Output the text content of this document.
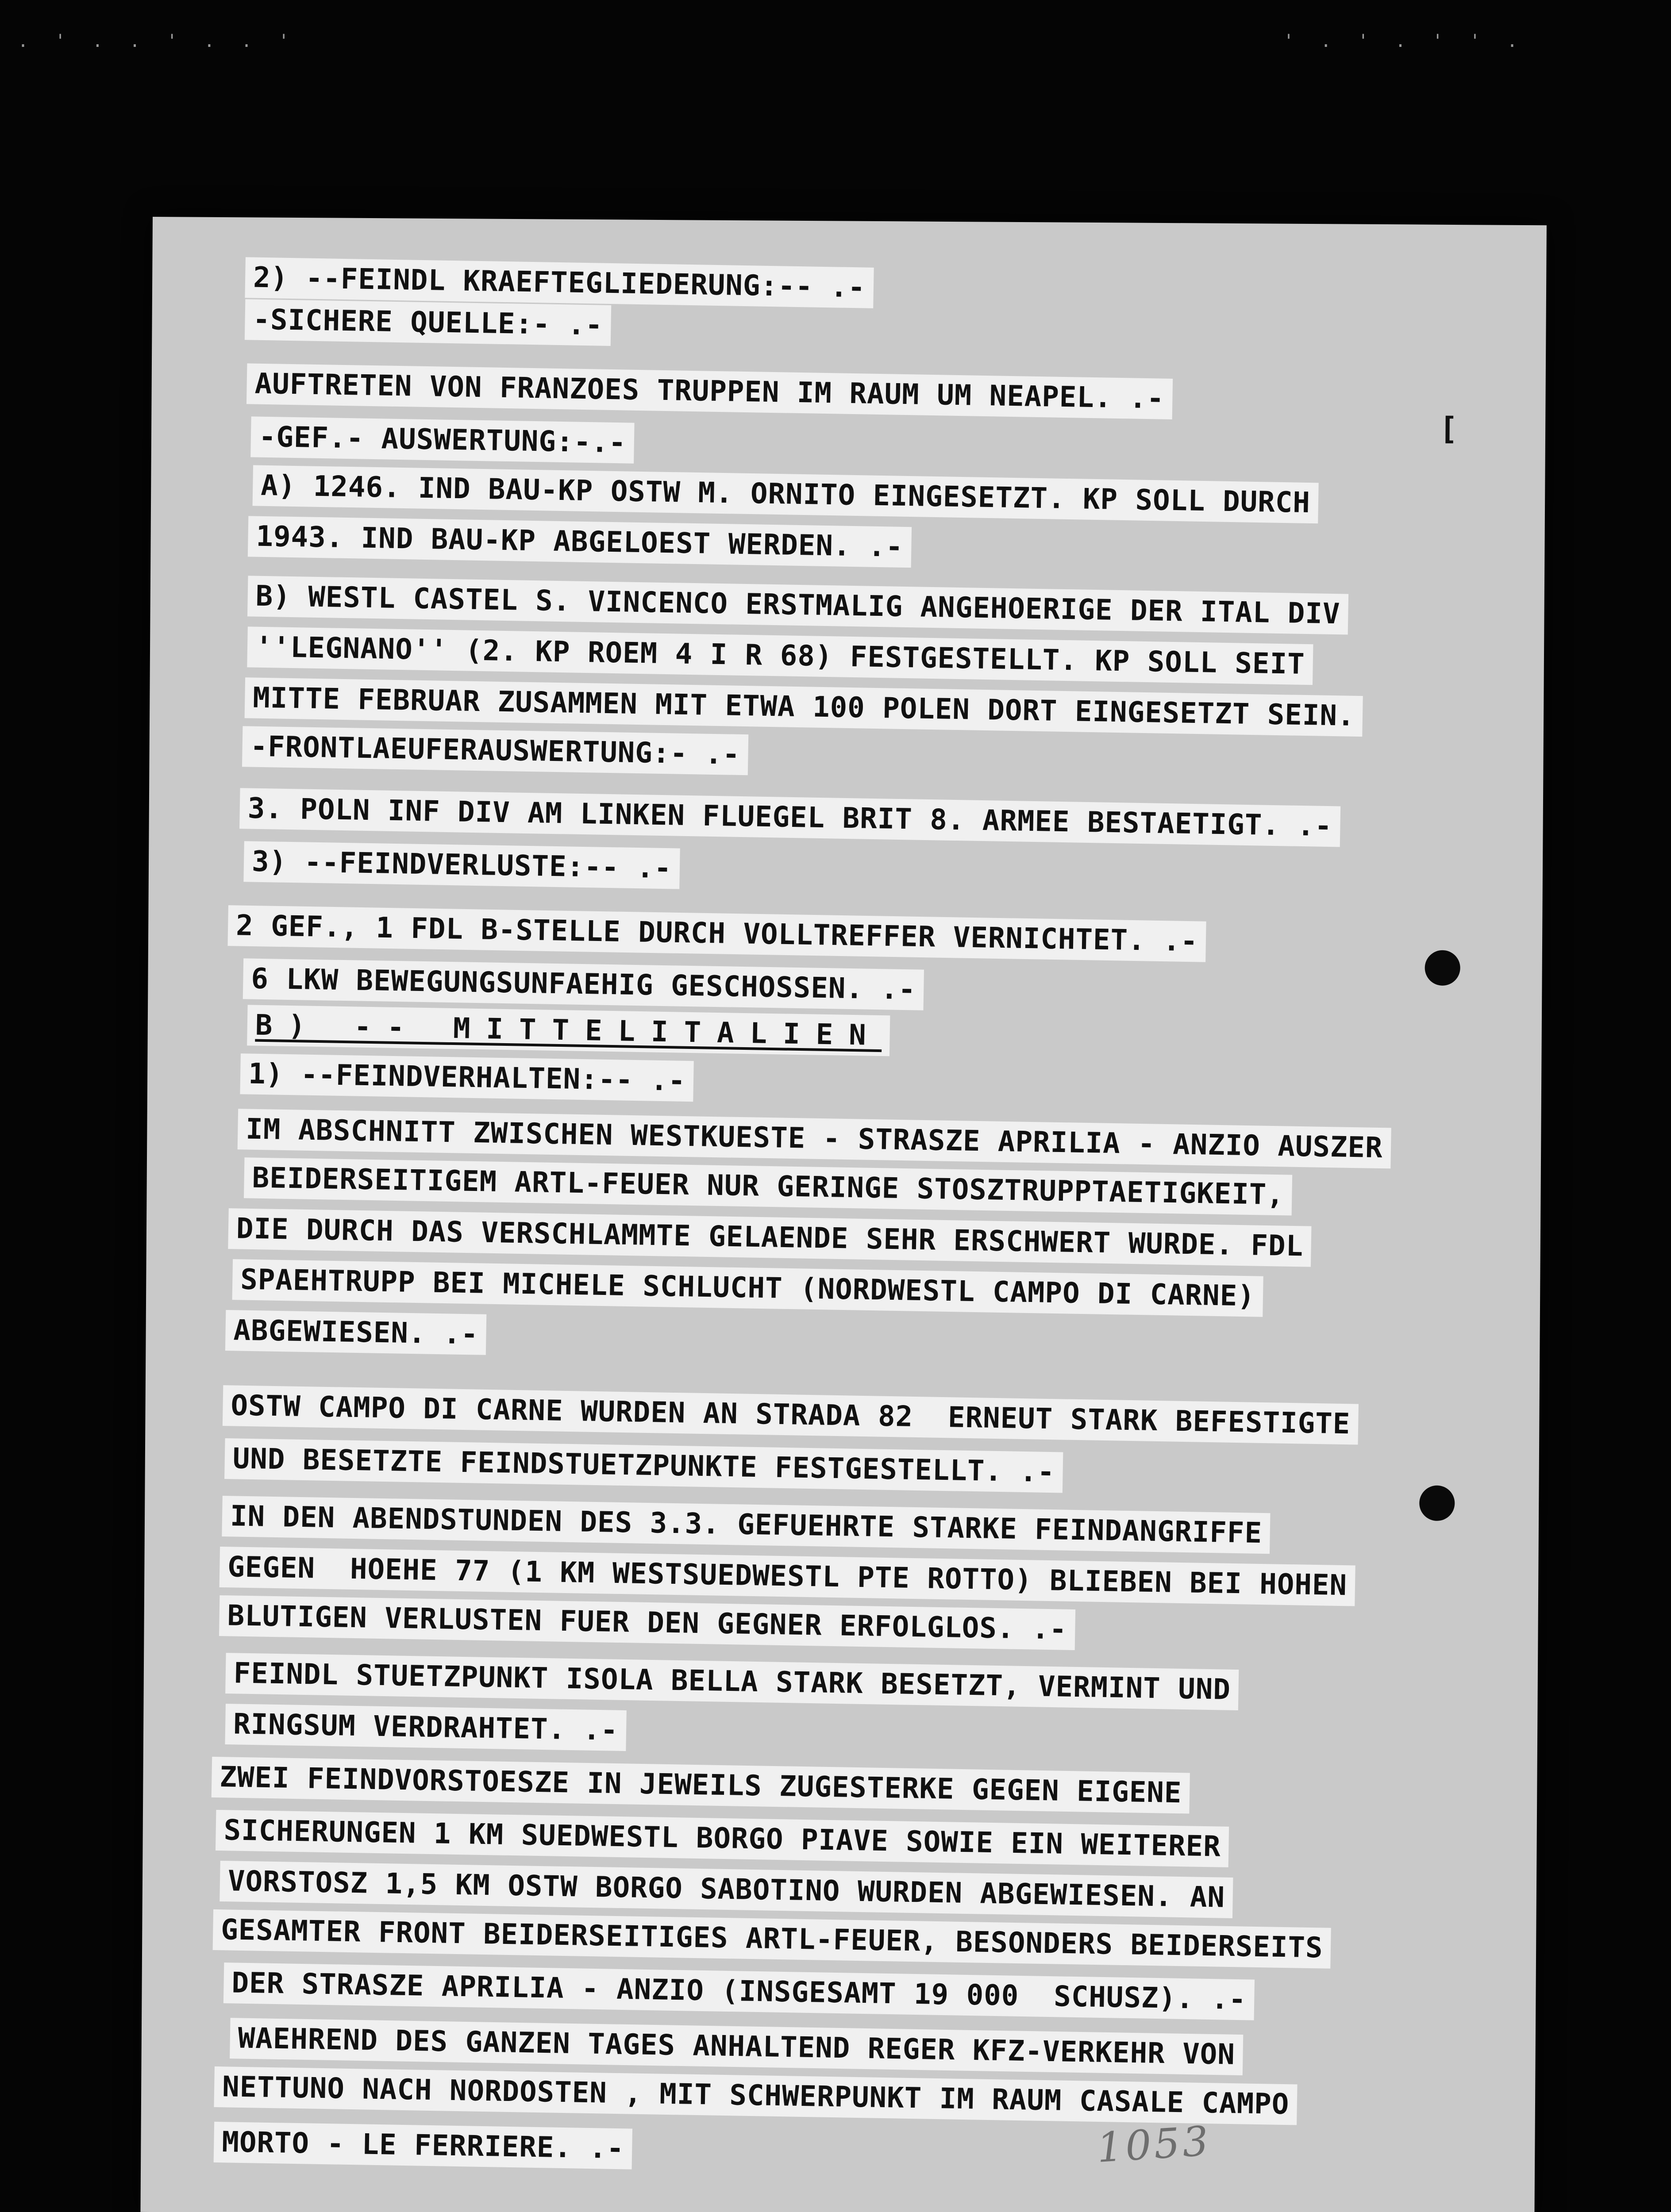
. ' . . ' . . '	' . ' . ' ' .
2) --FEINDL KRAEFTEGLIEDERUNG:-- .-
-SICHERE QUELLE:- .-
AUFTRETEN VON FRANZOES TRUPPEN IM RAUM UM NEAPEL. .-
-GEF.- AUSWERTUNG:-.-
A) 1246. IND BAU-KP OSTW M. ORNITO EINGESETZT. KP SOLL DURCH
1943. IND BAU-KP ABGELOEST WERDEN. .-
B) WESTL CASTEL S. VINCENCO ERSTMALIG ANGEHOERIGE DER ITAL DIV
''LEGNANO'' (2. KP ROEM 4 I R 68) FESTGESTELLT. KP SOLL SEIT
MITTE FEBRUAR ZUSAMMEN MIT ETWA 100 POLEN DORT EINGESETZT SEIN.
-FRONTLAEUFERAUSWERTUNG:- .-
3. POLN INF DIV AM LINKEN FLUEGEL BRIT 8. ARMEE BESTAETIGT. .-
3) --FEINDVERLUSTE:-- .-
2 GEF., 1 FDL B-STELLE DURCH VOLLTREFFER VERNICHTET. .-
6 LKW BEWEGUNGSUNFAEHIG GESCHOSSEN. .-
B) -- MITTELITALIEN
1) --FEINDVERHALTEN:-- .-
IM ABSCHNITT ZWISCHEN WESTKUESTE - STRASZE APRILIA - ANZIO AUSZER
BEIDERSEITIGEM ARTL-FEUER NUR GERINGE STOSZTRUPPTAETIGKEIT,
DIE DURCH DAS VERSCHLAMMTE GELAENDE SEHR ERSCHWERT WURDE. FDL
SPAEHTRUPP BEI MICHELE SCHLUCHT (NORDWESTL CAMPO DI CARNE)
ABGEWIESEN. .-
OSTW CAMPO DI CARNE WURDEN AN STRADA 82  ERNEUT STARK BEFESTIGTE
UND BESETZTE FEINDSTUETZPUNKTE FESTGESTELLT. .-
IN DEN ABENDSTUNDEN DES 3.3. GEFUEHRTE STARKE FEINDANGRIFFE
GEGEN  HOEHE 77 (1 KM WESTSUEDWESTL PTE ROTTO) BLIEBEN BEI HOHEN
BLUTIGEN VERLUSTEN FUER DEN GEGNER ERFOLGLOS. .-
FEINDL STUETZPUNKT ISOLA BELLA STARK BESETZT, VERMINT UND
RINGSUM VERDRAHTET. .-
ZWEI FEINDVORSTOESZE IN JEWEILS ZUGESTERKE GEGEN EIGENE
SICHERUNGEN 1 KM SUEDWESTL BORGO PIAVE SOWIE EIN WEITERER
VORSTOSZ 1,5 KM OSTW BORGO SABOTINO WURDEN ABGEWIESEN. AN
GESAMTER FRONT BEIDERSEITIGES ARTL-FEUER, BESONDERS BEIDERSEITS
DER STRASZE APRILIA - ANZIO (INSGESAMT 19 000  SCHUSZ). .-
WAEHREND DES GANZEN TAGES ANHALTEND REGER KFZ-VERKEHR VON
NETTUNO NACH NORDOSTEN , MIT SCHWERPUNKT IM RAUM CASALE CAMPO
MORTO - LE FERRIERE. .-
[
1053
